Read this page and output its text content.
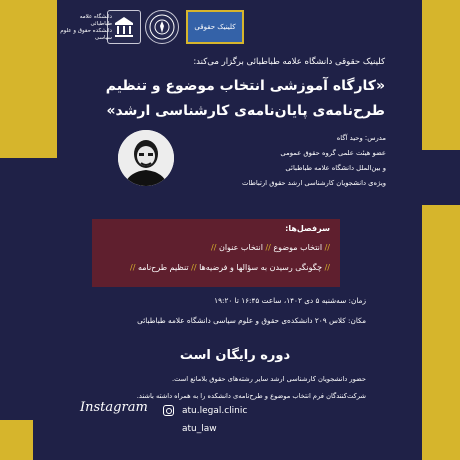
دانشگاه علامه طباطبائی
دانشکده حقوق و علوم سیاسی
کلینیک حقوقی
کلینیک حقوقی دانشگاه علامه طباطبائی برگزار می‌کند:
«کارگاه آموزشی انتخاب موضوع و تنظیم طرح‌نامه‌ی پایان‌نامه‌ی کارشناسی ارشد»
مدرس: وحید آگاه
عضو هیئت علمی گروه حقوق عمومی
و بین‌الملل دانشگاه علامه طباطبائی
ویژه‌ی دانشجویان کارشناسی ارشد حقوق ارتباطات
سرفصل‌ها:
// انتخاب موضوع // انتخاب عنوان //
// چگونگی رسیدن به سؤالها و فرضیه‌ها // تنظیم طرح‌نامه //
زمان: سه‌شنبه ۵ دی ۱۴۰۲، ساعت ۱۶:۴۵ تا ۱۹:۲۰
مکان: کلاس ۲۰۹ دانشکده‌ی حقوق و علوم سیاسی دانشگاه علامه طباطبائی
دوره رایگان است
حضور دانشجویان کارشناسی ارشد سایر رشته‌های حقوق بلامانع است.
شرکت‌کنندگان فرم انتخاب موضوع و طرح‌نامه‌ی دانشکده را به همراه داشته باشند.
Instagram	atu.legal.clinic
atu_law
